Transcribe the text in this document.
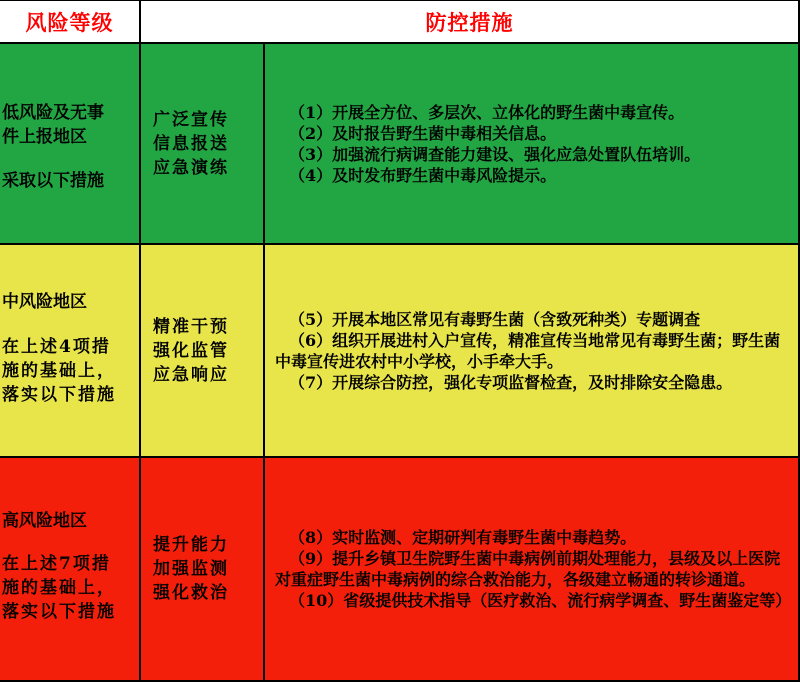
风险等级	防控措施
低风险及无事
件上报地区
采取以下措施
广泛宣传
信息报送
应急演练

（1）开展全方位、多层次、立体化的野生菌中毒宣传。

（2）及时报告野生菌中毒相关信息。

（3）加强流行病调查能力建设、强化应急处置队伍培训。

（4）及时发布野生菌中毒风险提示。

中风险地区
在上述4项措
施的基础上，
落实以下措施
精准干预
强化监管
应急响应

（5）开展本地区常见有毒野生菌（含致死种类）专题调查

（6）组织开展进村入户宣传，精准宣传当地常见有毒野生菌；野生菌中毒宣传进农村中小学校，小手牵大手。

（7）开展综合防控，强化专项监督检查，及时排除安全隐患。

高风险地区
在上述7项措
施的基础上，
落实以下措施
提升能力
加强监测
强化救治

（8）实时监测、定期研判有毒野生菌中毒趋势。

（9）提升乡镇卫生院野生菌中毒病例前期处理能力，县级及以上医院对重症野生菌中毒病例的综合救治能力，各级建立畅通的转诊通道。

（10）省级提供技术指导（医疗救治、流行病学调查、野生菌鉴定等）
